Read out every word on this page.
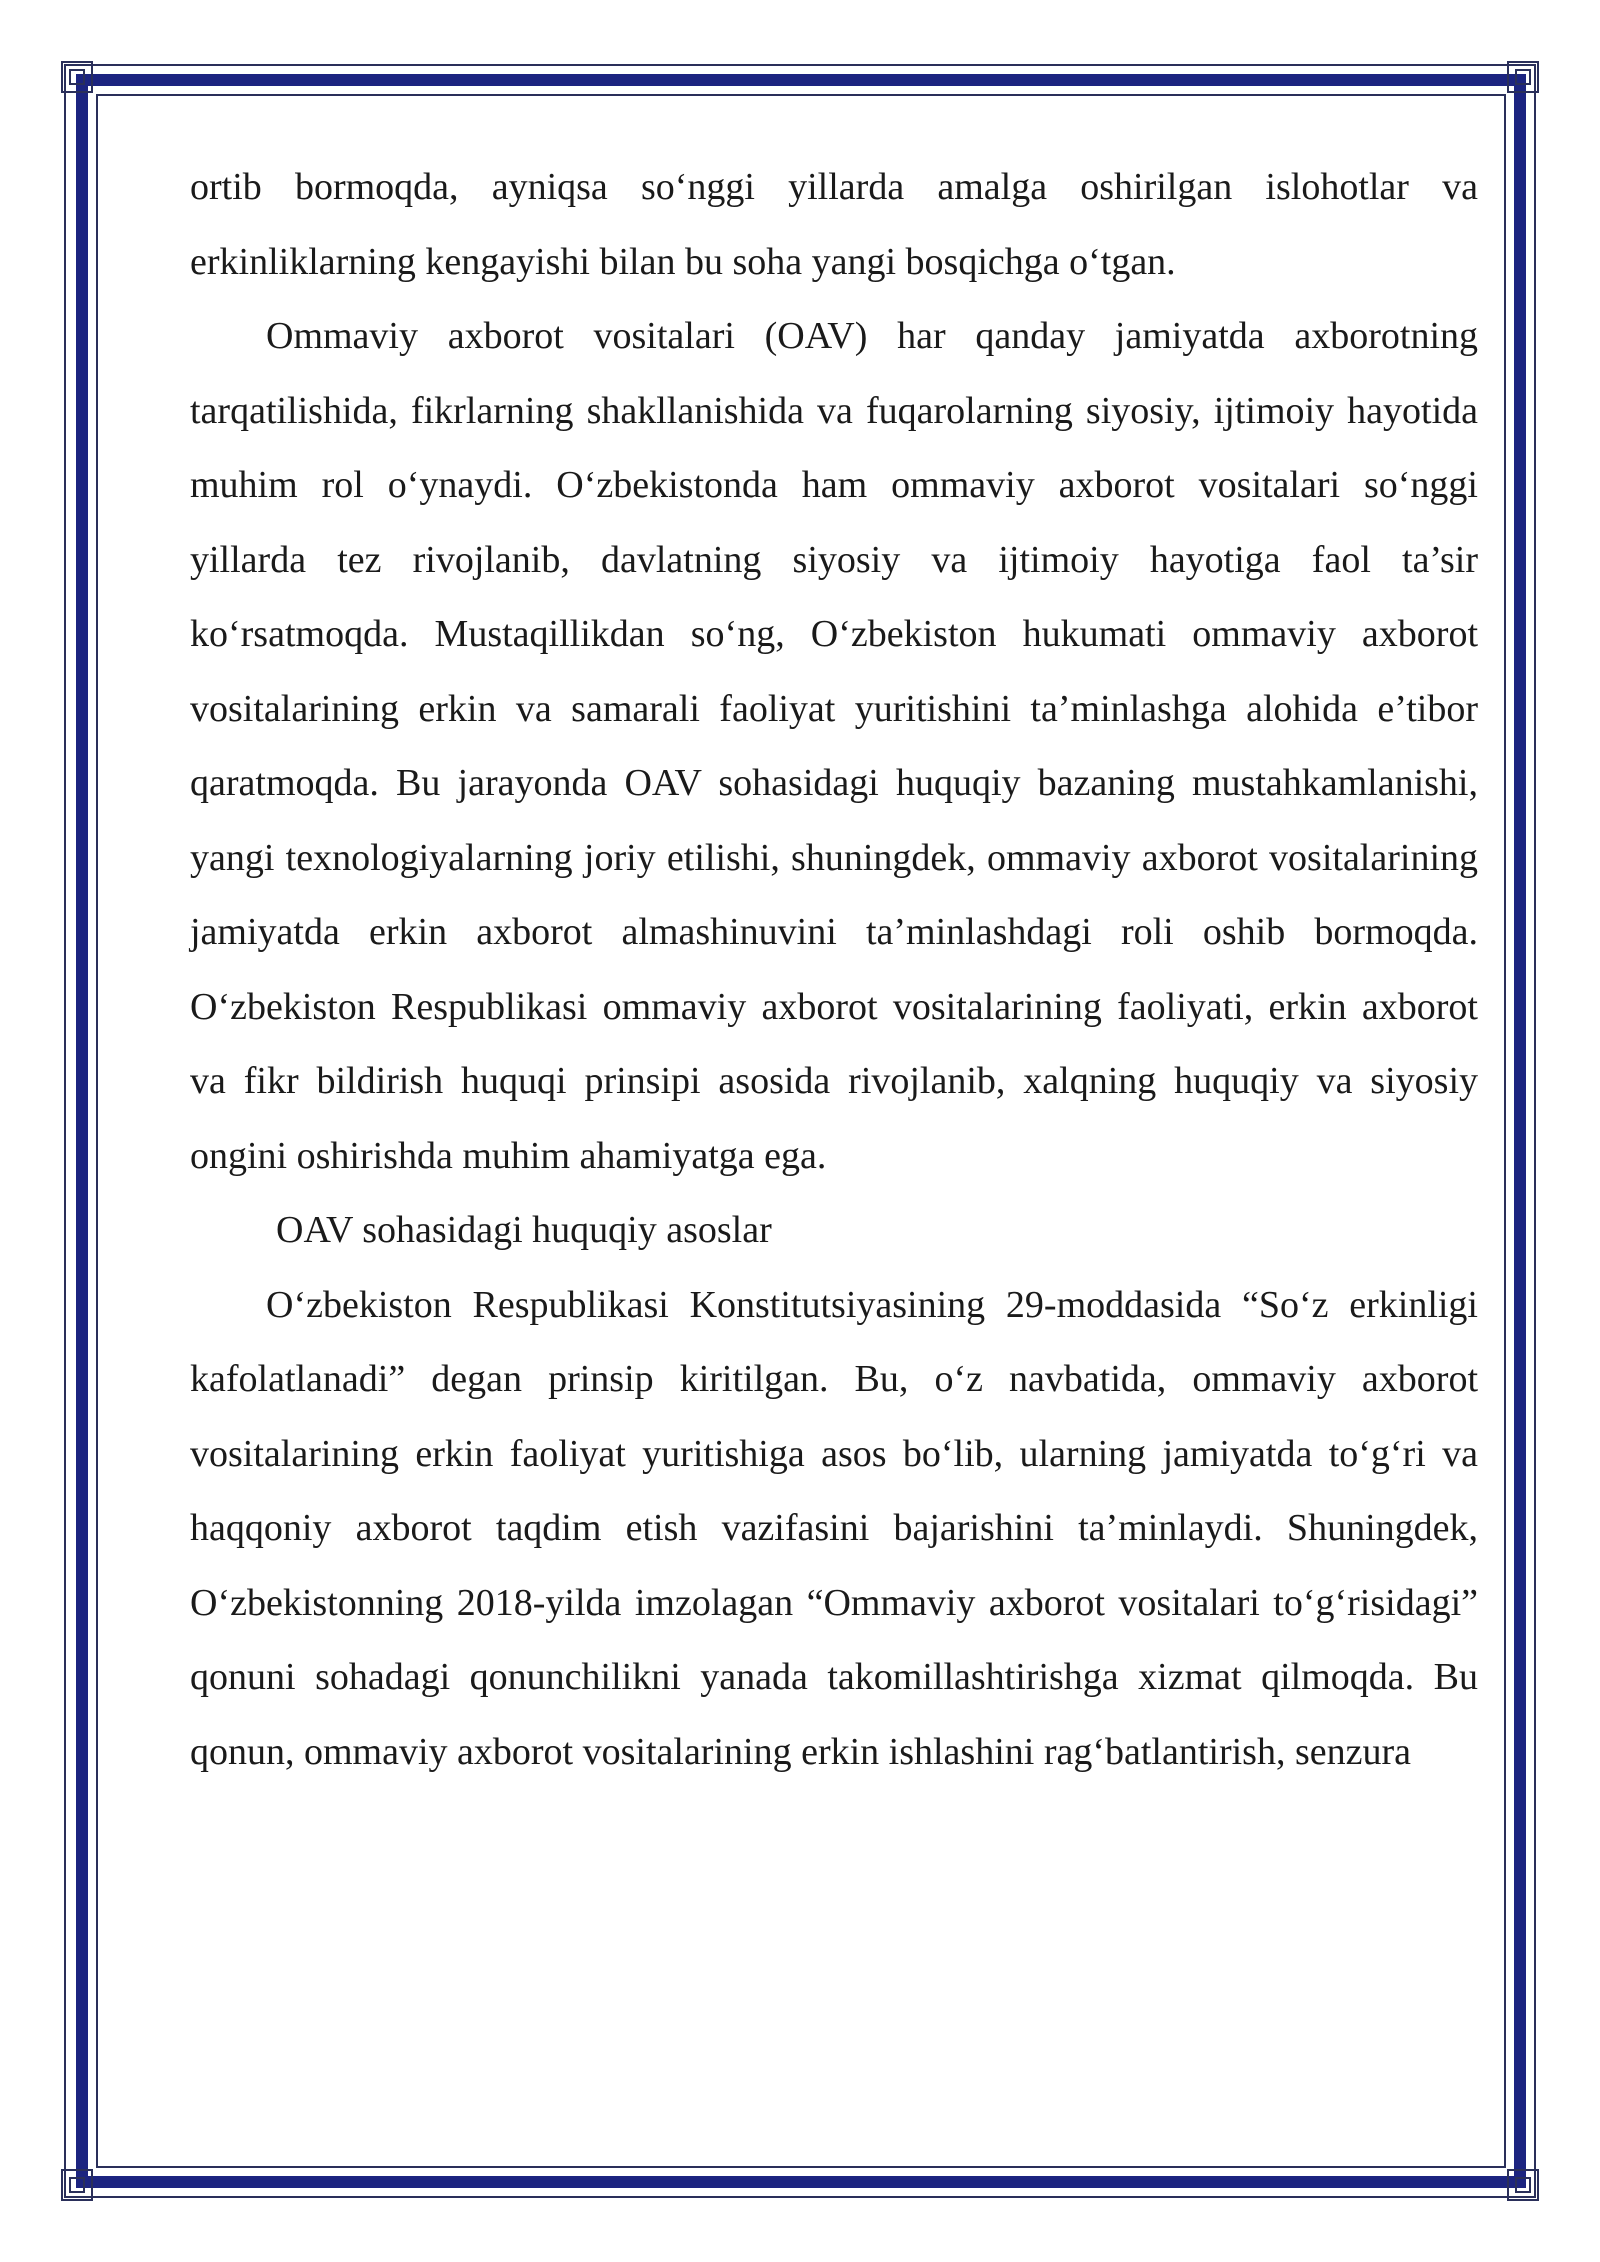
ortib bormoqda, ayniqsa so‘nggi yillarda amalga oshirilgan islohotlar va erkinliklarning kengayishi bilan bu soha yangi bosqichga o‘tgan.

Ommaviy axborot vositalari (OAV) har qanday jamiyatda axborotning tarqatilishida, fikrlarning shakllanishida va fuqarolarning siyosiy, ijtimoiy hayotida muhim rol o‘ynaydi. O‘zbekistonda ham ommaviy axborot vositalari so‘nggi yillarda tez rivojlanib, davlatning siyosiy va ijtimoiy hayotiga faol ta’sir ko‘rsatmoqda. Mustaqillikdan so‘ng, O‘zbekiston hukumati ommaviy axborot vositalarining erkin va samarali faoliyat yuritishini ta’minlashga alohida e’tibor qaratmoqda. Bu jarayonda OAV sohasidagi huquqiy bazaning mustahkamlanishi, yangi texnologiyalarning joriy etilishi, shuningdek, ommaviy axborot vositalarining jamiyatda erkin axborot almashinuvini ta’minlashdagi roli oshib bormoqda. O‘zbekiston Respublikasi ommaviy axborot vositalarining faoliyati, erkin axborot va fikr bildirish huquqi prinsipi asosida rivojlanib, xalqning huquqiy va siyosiy ongini oshirishda muhim ahamiyatga ega.

OAV sohasidagi huquqiy asoslar

O‘zbekiston Respublikasi Konstitutsiyasining 29-moddasida “So‘z erkinligi kafolatlanadi” degan prinsip kiritilgan. Bu, o‘z navbatida, ommaviy axborot vositalarining erkin faoliyat yuritishiga asos bo‘lib, ularning jamiyatda to‘g‘ri va haqqoniy axborot taqdim etish vazifasini bajarishini ta’minlaydi. Shuningdek, O‘zbekistonning 2018-yilda imzolagan “Ommaviy axborot vositalari to‘g‘risidagi” qonuni sohadagi qonunchilikni yanada takomillashtirishga xizmat qilmoqda. Bu qonun, ommaviy axborot vositalarining erkin ishlashini rag‘batlantirish, senzura
